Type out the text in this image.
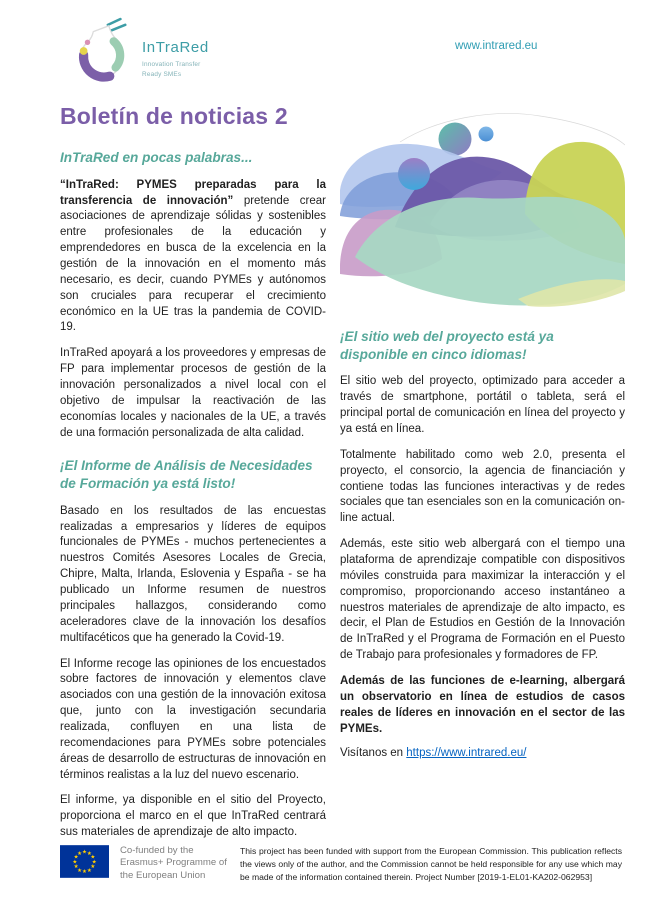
InTraRed
Innovation Transfer Ready SMEs
www.intrared.eu
Boletín de noticias 2
InTraRed en pocas palabras...

“InTraRed: PYMES preparadas para la transferencia de innovación” pretende crear asociaciones de aprendizaje sólidas y sostenibles entre profesionales de la educación y emprendedores en busca de la excelencia en la gestión de la innovación en el momento más necesario, es decir, cuando PYMEs y autónomos son cruciales para recuperar el crecimiento económico en la UE tras la pandemia de COVID-19.

InTraRed apoyará a los proveedores y empresas de FP para implementar procesos de gestión de la innovación personalizados a nivel local con el objetivo de impulsar la reactivación de las economías locales y nacionales de la UE, a través de una formación personalizada de alta calidad.

¡El Informe de Análisis de Necesidades de Formación ya está listo!

Basado en los resultados de las encuestas realizadas a empresarios y líderes de equipos funcionales de PYMEs - muchos pertenecientes a nuestros Comités Asesores Locales de Grecia, Chipre, Malta, Irlanda, Eslovenia y España - se ha publicado un Informe resumen de nuestros principales hallazgos, considerando como aceleradores clave de la innovación los desafíos multifacéticos que ha generado la Covid-19.

El Informe recoge las opiniones de los encuestados sobre factores de innovación y elementos clave asociados con una gestión de la innovación exitosa que, junto con la investigación secundaria realizada, confluyen en una lista de recomendaciones para PYMEs sobre potenciales áreas de desarrollo de estructuras de innovación en términos realistas a la luz del nuevo escenario.

El informe, ya disponible en el sitio del Proyecto, proporciona el marco en el que InTraRed centrará sus materiales de aprendizaje de alto impacto.

¡El sitio web del proyecto está ya disponible en cinco idiomas!

El sitio web del proyecto, optimizado para acceder a través de smartphone, portátil o tableta, será el principal portal de comunicación en línea del proyecto y ya está en línea.

Totalmente habilitado como web 2.0, presenta el proyecto, el consorcio, la agencia de financiación y contiene todas las funciones interactivas y de redes sociales que tan esenciales son en la comunicación on-line actual.

Además, este sitio web albergará con el tiempo una plataforma de aprendizaje compatible con dispositivos móviles construida para maximizar la interacción y el compromiso, proporcionando acceso instantáneo a nuestros materiales de aprendizaje de alto impacto, es decir, el Plan de Estudios en Gestión de la Innovación de InTraRed y el Programa de Formación en el Puesto de Trabajo para profesionales y formadores de FP.

Además de las funciones de e-learning, albergará un observatorio en línea de estudios de casos reales de líderes en innovación en el sector de las PYMEs.

Visítanos en https://www.intrared.eu/

★ ★
★
★
★
★
★
★
★
★
★
★	Co-funded by the Erasmus+ Programme of the European Union
This project has been funded with support from the European Commission. This publication reflects the views only of the author, and the Commission cannot be held responsible for any use which may be made of the information contained therein. Project Number [2019-1-EL01-KA202-062953]
